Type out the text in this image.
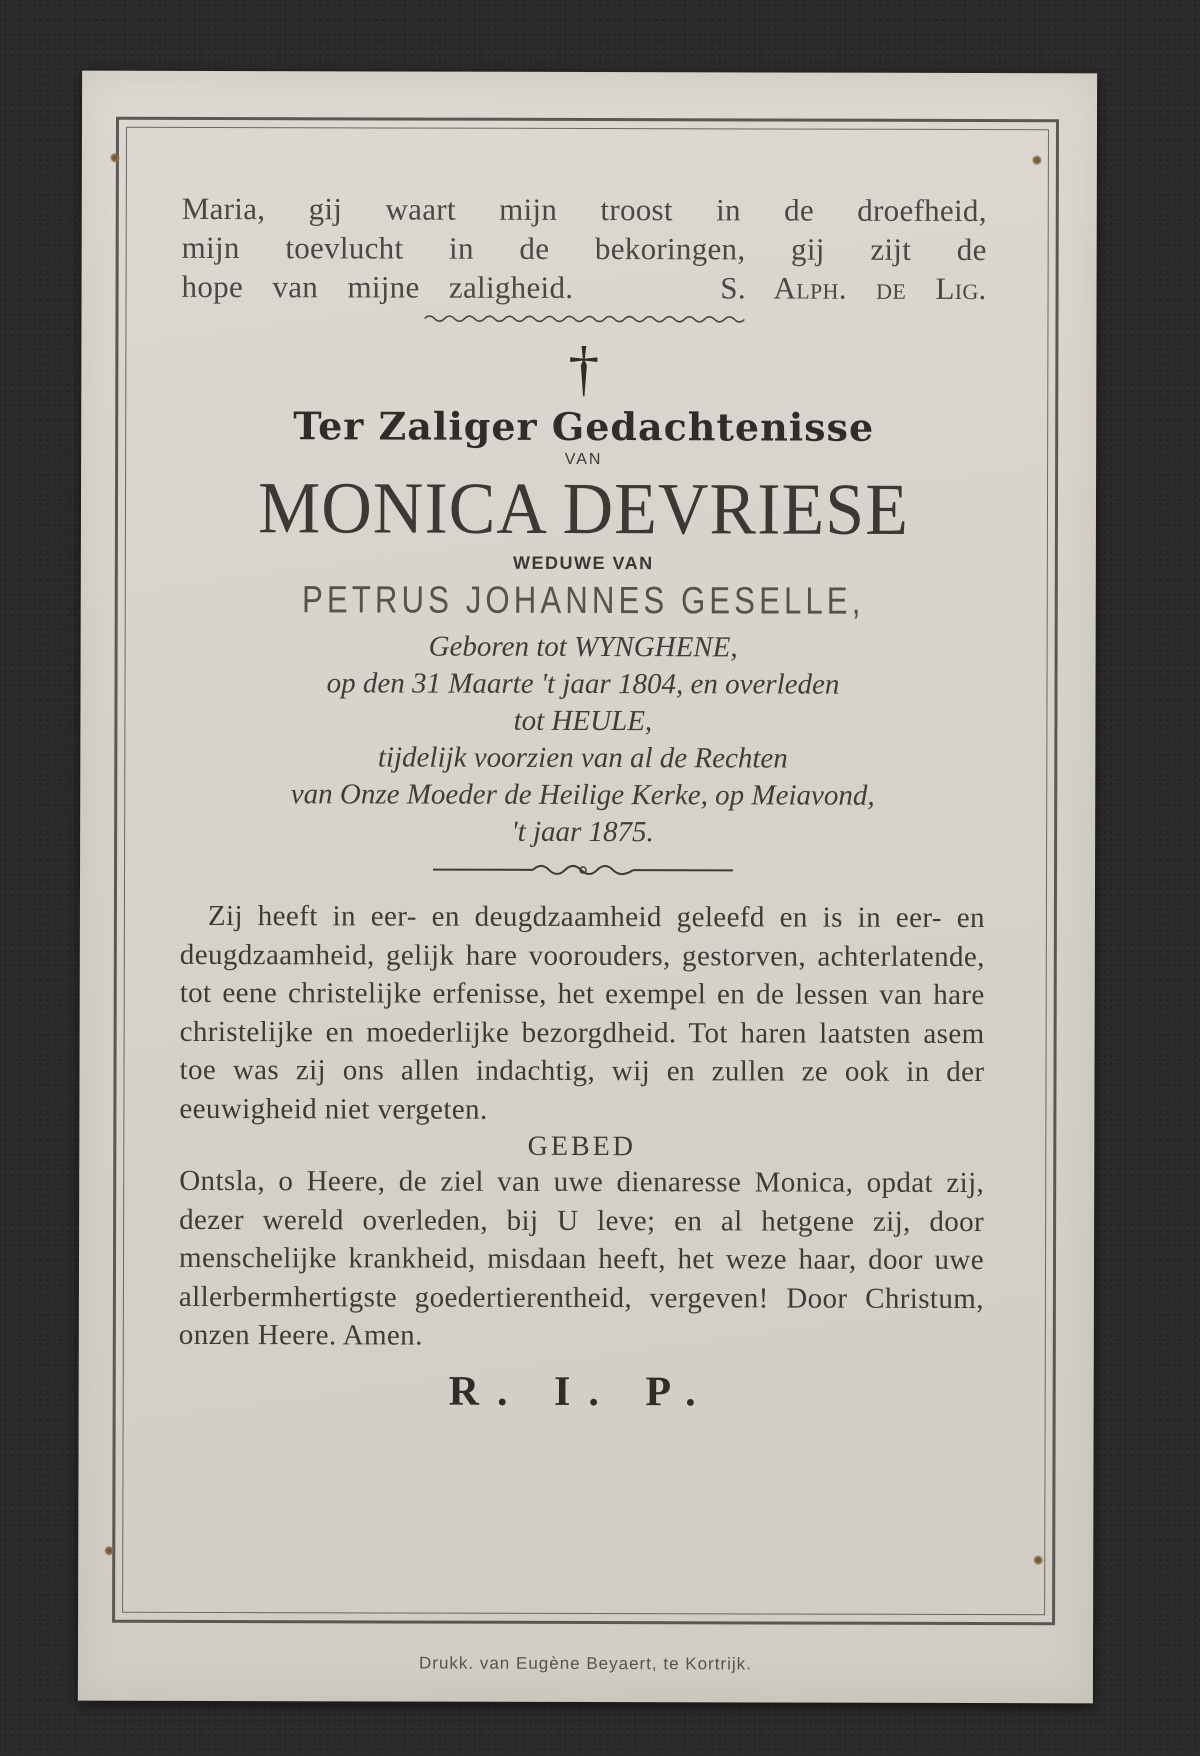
Maria, gij waart mijn troost in de droefheid,
mijn toevlucht in de bekoringen, gij zijt de
hope van mijne zaligheid.	S. Alph. de Lig.
†
Ter Zaliger Gedachtenisse
VAN
MONICA DEVRIESE
WEDUWE VAN
PETRUS JOHANNES GESELLE,
Geboren tot WYNGHENE,
op den 31 Maarte 't jaar 1804, en overleden
tot HEULE,
tijdelijk voorzien van al de Rechten
van Onze Moeder de Heilige Kerke, op Meiavond,
't jaar 1875.

Zij heeft in eer- en deugdzaamheid geleefd en is in eer- en deugdzaamheid, gelijk hare voorouders, gestorven, achterlatende, tot eene christelijke erfenisse, het exempel en de lessen van hare christelijke en moederlijke bezorgdheid. Tot haren laatsten asem toe was zij ons allen indachtig, wij en zullen ze ook in der eeuwigheid niet vergeten.

GEBED

Ontsla, o Heere, de ziel van uwe dienaresse Monica, opdat zij, dezer wereld overleden, bij U leve; en al hetgene zij, door menschelijke krankheid, misdaan heeft, het weze haar, door uwe allerbermhertigste goedertierentheid, vergeven! Door Christum, onzen Heere. Amen.

R. I. P.
Drukk. van Eugène Beyaert, te Kortrijk.
